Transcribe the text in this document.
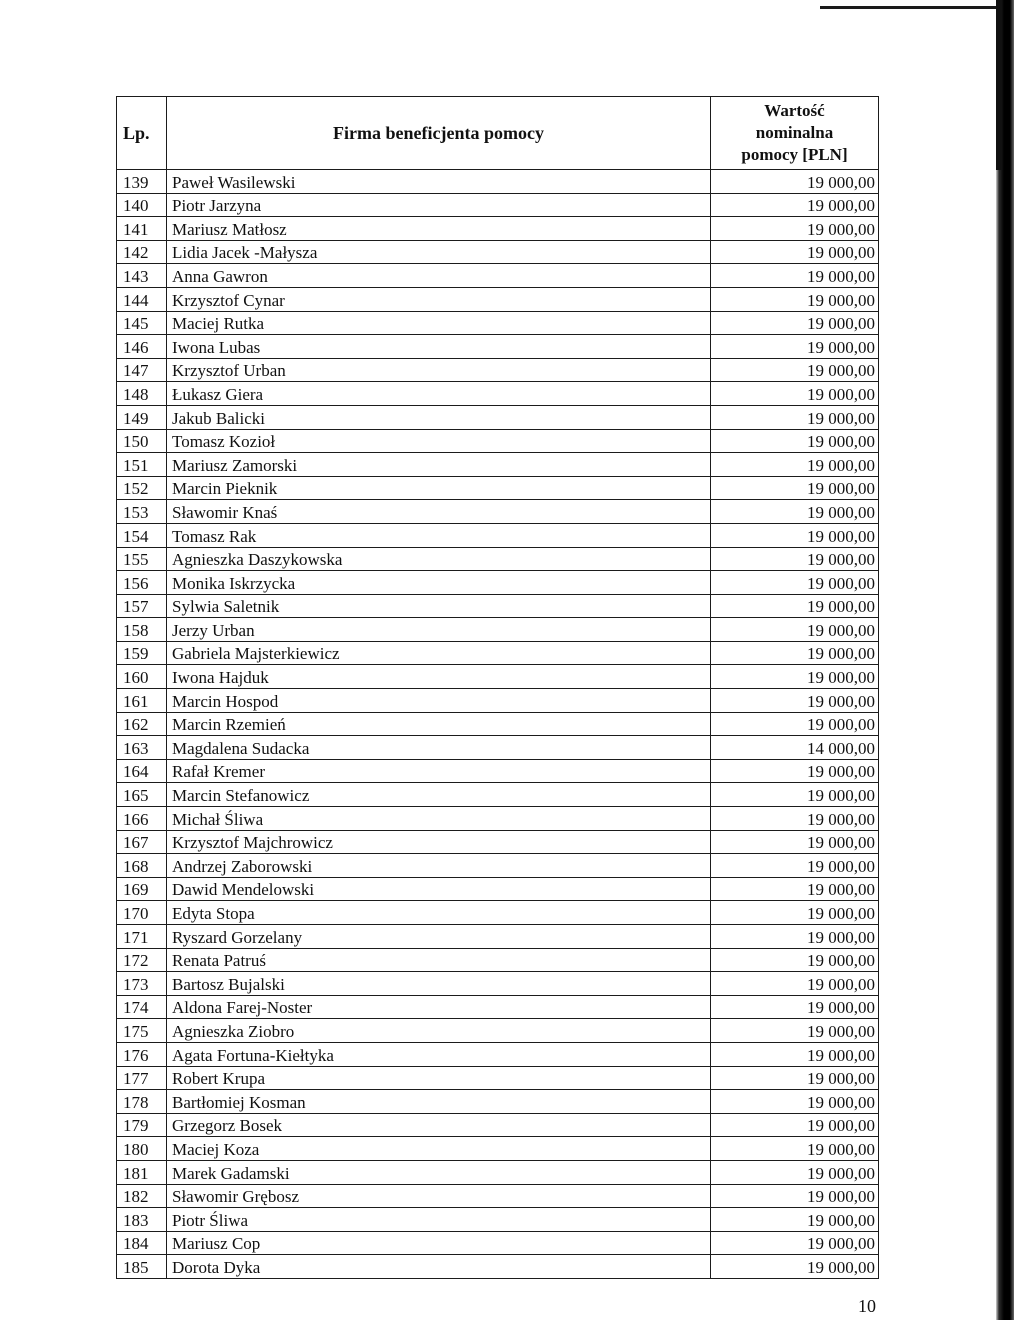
Lp.	Firma beneficjenta pomocy	Wartość
nominalna
pomocy [PLN]

139	Paweł Wasilewski	19 000,00
140	Piotr Jarzyna	19 000,00
141	Mariusz Matłosz	19 000,00
142	Lidia Jacek -Małysza	19 000,00
143	Anna Gawron	19 000,00
144	Krzysztof Cynar	19 000,00
145	Maciej Rutka	19 000,00
146	Iwona Lubas	19 000,00
147	Krzysztof Urban	19 000,00
148	Łukasz Giera	19 000,00
149	Jakub Balicki	19 000,00
150	Tomasz Kozioł	19 000,00
151	Mariusz Zamorski	19 000,00
152	Marcin Pieknik	19 000,00
153	Sławomir Knaś	19 000,00
154	Tomasz Rak	19 000,00
155	Agnieszka Daszykowska	19 000,00
156	Monika Iskrzycka	19 000,00
157	Sylwia Saletnik	19 000,00
158	Jerzy Urban	19 000,00
159	Gabriela Majsterkiewicz	19 000,00
160	Iwona Hajduk	19 000,00
161	Marcin Hospod	19 000,00
162	Marcin Rzemień	19 000,00
163	Magdalena Sudacka	14 000,00
164	Rafał Kremer	19 000,00
165	Marcin Stefanowicz	19 000,00
166	Michał Śliwa	19 000,00
167	Krzysztof Majchrowicz	19 000,00
168	Andrzej Zaborowski	19 000,00
169	Dawid Mendelowski	19 000,00
170	Edyta Stopa	19 000,00
171	Ryszard Gorzelany	19 000,00
172	Renata Patruś	19 000,00
173	Bartosz Bujalski	19 000,00
174	Aldona Farej-Noster	19 000,00
175	Agnieszka Ziobro	19 000,00
176	Agata Fortuna-Kiełtyka	19 000,00
177	Robert Krupa	19 000,00
178	Bartłomiej Kosman	19 000,00
179	Grzegorz Bosek	19 000,00
180	Maciej Koza	19 000,00
181	Marek Gadamski	19 000,00
182	Sławomir Grębosz	19 000,00
183	Piotr Śliwa	19 000,00
184	Mariusz Cop	19 000,00
185	Dorota Dyka	19 000,00
10
